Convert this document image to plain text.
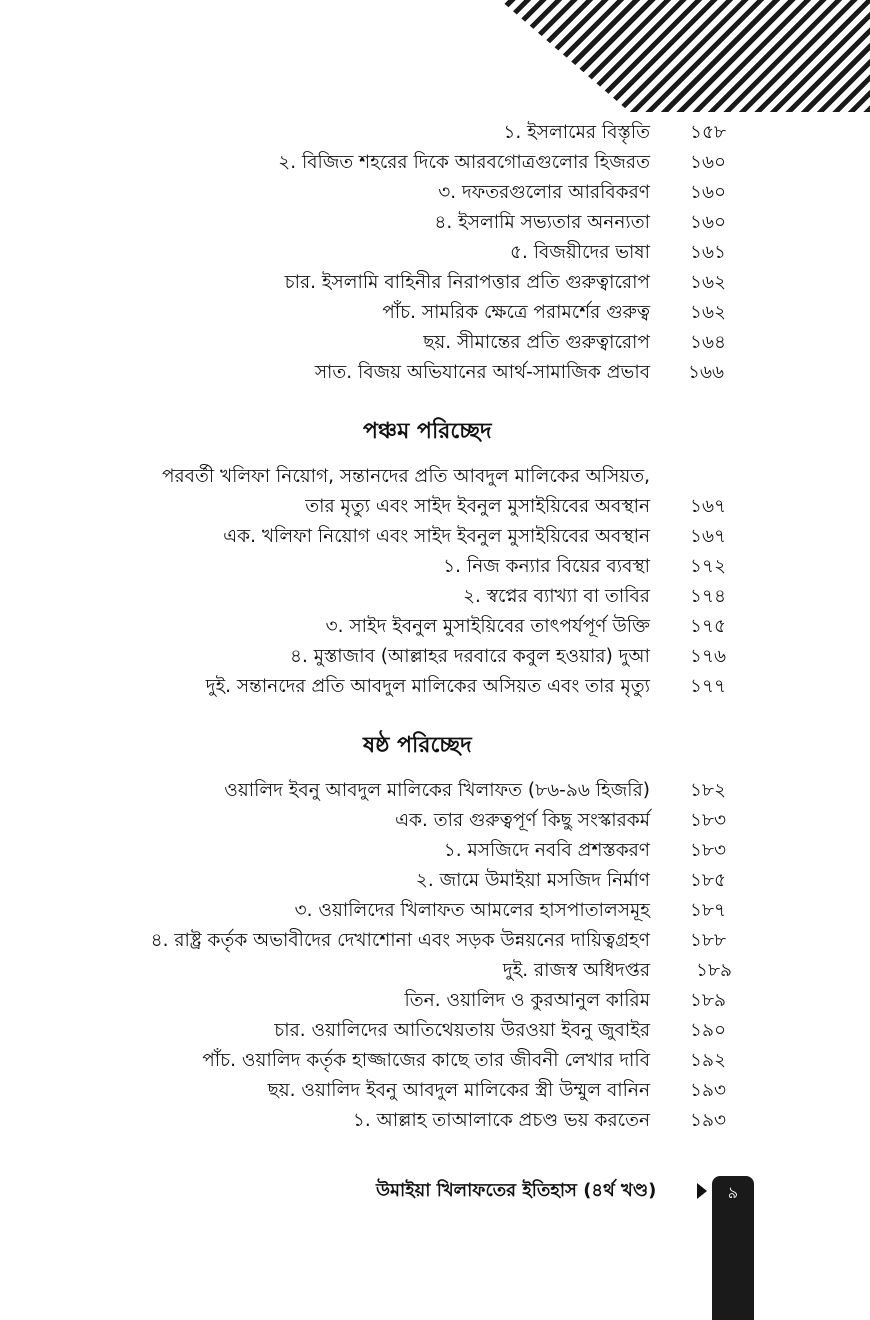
১. ইসলামের বিস্তৃতি ১৫৮
২. বিজিত শহরের দিকে আরবগোত্রগুলোর হিজরত ১৬০
৩. দফতরগুলোর আরবিকরণ ১৬০
৪. ইসলামি সভ্যতার অনন্যতা ১৬০
৫. বিজয়ীদের ভাষা ১৬১
চার. ইসলামি বাহিনীর নিরাপত্তার প্রতি গুরুত্বারোপ ১৬২
পাঁচ. সামরিক ক্ষেত্রে পরামর্শের গুরুত্ব ১৬২
ছয়. সীমান্তের প্রতি গুরুত্বারোপ ১৬৪
সাত. বিজয় অভিযানের আর্থ-সামাজিক প্রভাব ১৬৬
পঞ্চম পরিচ্ছেদ
পরবর্তী খলিফা নিয়োগ, সন্তানদের প্রতি আবদুল মালিকের অসিয়ত,
তার মৃত্যু এবং সাইদ ইবনুল মুসাইয়িবের অবস্থান ১৬৭
এক. খলিফা নিয়োগ এবং সাইদ ইবনুল মুসাইয়িবের অবস্থান ১৬৭
১. নিজ কন্যার বিয়ের ব্যবস্থা ১৭২
২. স্বপ্নের ব্যাখ্যা বা তাবির ১৭৪
৩. সাইদ ইবনুল মুসাইয়িবের তাৎপর্যপূর্ণ উক্তি ১৭৫
৪. মুস্তাজাব (আল্লাহর দরবারে কবুল হওয়ার) দুআ ১৭৬
দুই. সন্তানদের প্রতি আবদুল মালিকের অসিয়ত এবং তার মৃত্যু ১৭৭
ষষ্ঠ পরিচ্ছেদ
ওয়ালিদ ইবনু আবদুল মালিকের খিলাফত (৮৬-৯৬ হিজরি) ১৮২
এক. তার গুরুত্বপূর্ণ কিছু সংস্কারকর্ম ১৮৩
১. মসজিদে নববি প্রশস্তকরণ ১৮৩
২. জামে উমাইয়া মসজিদ নির্মাণ ১৮৫
৩. ওয়ালিদের খিলাফত আমলের হাসপাতালসমূহ ১৮৭
৪. রাষ্ট্র কর্তৃক অভাবীদের দেখাশোনা এবং সড়ক উন্নয়নের দায়িত্বগ্রহণ ১৮৮
দুই. রাজস্ব অধিদপ্তর ১৮৯
তিন. ওয়ালিদ ও কুরআনুল কারিম ১৮৯
চার. ওয়ালিদের আতিথেয়তায় উরওয়া ইবনু জুবাইর ১৯০
পাঁচ. ওয়ালিদ কর্তৃক হাজ্জাজের কাছে তার জীবনী লেখার দাবি ১৯২
ছয়. ওয়ালিদ ইবনু আবদুল মালিকের স্ত্রী উম্মুল বানিন ১৯৩
১. আল্লাহ তাআলাকে প্রচণ্ড ভয় করতেন ১৯৩
উমাইয়া খিলাফতের ইতিহাস (৪র্থ খণ্ড)	৯
